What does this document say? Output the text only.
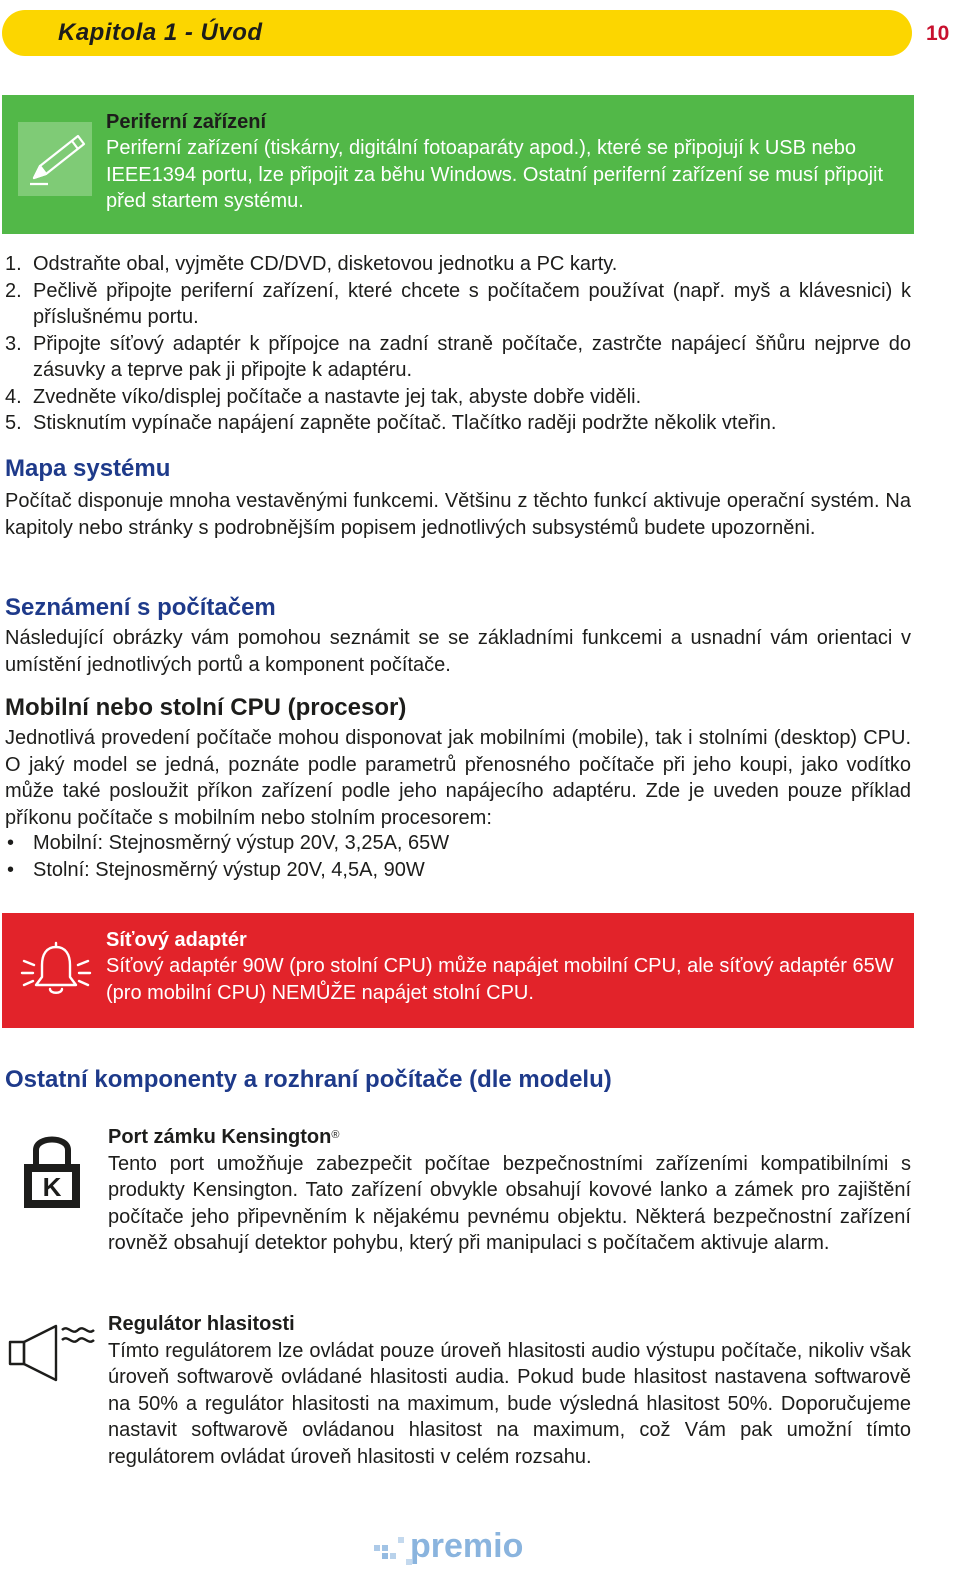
Kapitola 1 - Úvod	10
Periferní zařízení
Periferní zařízení (tiskárny, digitální fotoaparáty apod.), které se připojují k USB nebo IEEE1394 portu, lze připojit za běhu Windows. Ostatní periferní zařízení se musí připojit před startem systému.
1. Odstraňte obal, vyjměte CD/DVD, disketovou jednotku a PC karty.
2. Pečlivě připojte periferní zařízení, které chcete s počítačem používat (např. myš a klávesnici) k příslušnému portu.
3. Připojte síťový adaptér k přípojce na zadní straně počítače, zastrčte napájecí šňůru nejprve do zásuvky a teprve pak ji připojte k adaptéru.
4. Zvedněte víko/displej počítače a nastavte jej tak, abyste dobře viděli.
5. Stisknutím vypínače napájení zapněte počítač. Tlačítko raději podržte několik vteřin.
Mapa systému

Počítač disponuje mnoha vestavěnými funkcemi. Většinu z těchto funkcí aktivuje operační systém. Na kapitoly nebo stránky s podrobnějším popisem jednotlivých subsystémů budete upozorněni.

Seznámení s počítačem

Následující obrázky vám pomohou seznámit se se základními funkcemi a usnadní vám orientaci v umístění jednotlivých portů a komponent počítače.

Mobilní nebo stolní CPU (procesor)

Jednotlivá provedení počítače mohou disponovat jak mobilními (mobile), tak i stolními (desktop) CPU. O jaký model se jedná, poznáte podle parametrů přenosného počítače při jeho koupi, jako vodítko může také posloužit příkon zařízení podle jeho napájecího adaptéru. Zde je uveden pouze příklad příkonu počítače s mobilním nebo stolním procesorem:

• Mobilní: Stejnosměrný výstup 20V, 3,25A, 65W
• Stolní: Stejnosměrný výstup 20V, 4,5A, 90W
Síťový adaptér
Síťový adaptér 90W (pro stolní CPU) může napájet mobilní CPU, ale síťový adaptér 65W (pro mobilní CPU) NEMŮŽE napájet stolní CPU.
Ostatní komponenty a rozhraní počítače (dle modelu)
K
Port zámku Kensington®
Tento port umožňuje zabezpečit počítae bezpečnostními zařízeními kompatibilními s produkty Kensington. Tato zařízení obvykle obsahují kovové lanko a zámek pro zajištění počítače jeho připevněním k nějakému pevnému objektu. Některá bezpečnostní zařízení rovněž obsahují detektor pohybu, který při manipulaci s počítačem aktivuje alarm.
Regulátor hlasitosti
Tímto regulátorem lze ovládat pouze úroveň hlasitosti audio výstupu počítače, nikoliv však úroveň softwarově ovládané hlasitosti audia. Pokud bude hlasitost nastavena softwarově na 50% a regulátor hlasitosti na maximum, bude výsledná hlasitost 50%. Doporučujeme nastavit softwarově ovládanou hlasitost na maximum, což Vám pak umožní tímto regulátorem ovládat úroveň hlasitosti v celém rozsahu.
premio
